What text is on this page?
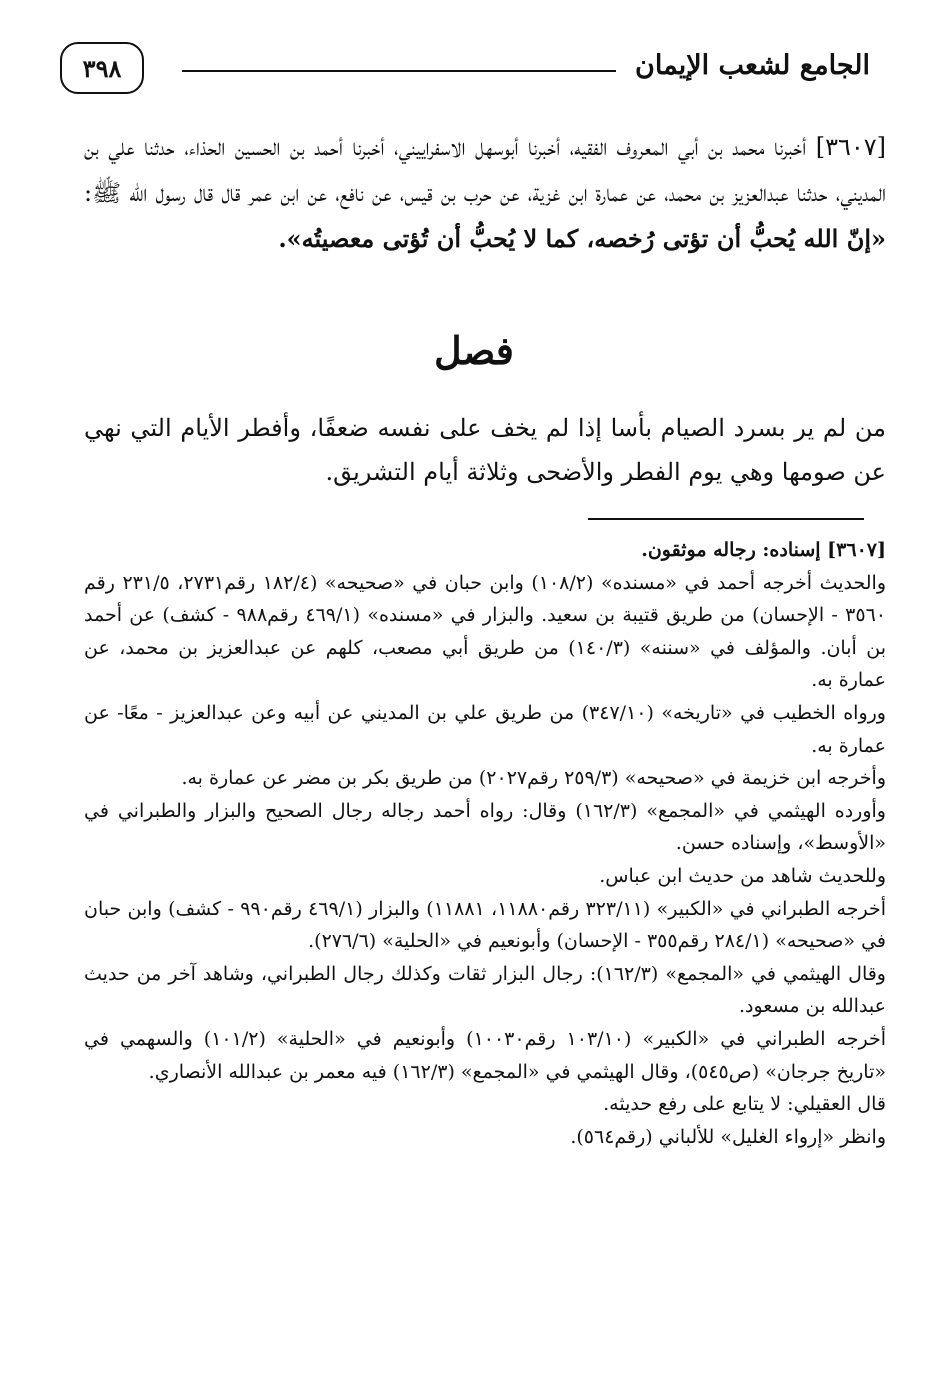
الجامع لشعب الإيمان
٣٩٨

[٣٦٠٧] أخبرنا محمد بن أبي المعروف الفقيه، أخبرنا أبوسهل الاسفراييني، أخبرنا أحمد بن الحسين الحذاء، حدثنا علي بن المديني، حدثنا عبدالعزيز بن محمد، عن عمارة ابن غزية، عن حرب بن قيس، عن نافع، عن ابن عمر قال قال رسول الله ﷺ: «إنّ الله يُحبُّ أن تؤتى رُخصه، كما لا يُحبُّ أن تُؤتى معصيتُه».

فصل
من لم ير بسرد الصيام بأسا إذا لم يخف على نفسه ضعفًا، وأفطر الأيام التي نهي عن صومها وهي يوم الفطر والأضحى وثلاثة أيام التشريق.

[٣٦٠٧] إسناده: رجاله موثقون.

والحديث أخرجه أحمد في «مسنده» (١٠٨/٢) وابن حبان في «صحيحه» (١٨٢/٤ رقم٢٧٣١، ٢٣١/٥ رقم ٣٥٦٠ - الإحسان) من طريق قتيبة بن سعيد. والبزار في «مسنده» (٤٦٩/١ رقم٩٨٨ - كشف) عن أحمد بن أبان. والمؤلف في «سننه» (١٤٠/٣) من طريق أبي مصعب، كلهم عن عبدالعزيز بن محمد، عن عمارة به.

ورواه الخطيب في «تاريخه» (٣٤٧/١٠) من طريق علي بن المديني عن أبيه وعن عبدالعزيز - معًا- عن عمارة به.

وأخرجه ابن خزيمة في «صحيحه» (٢٥٩/٣ رقم٢٠٢٧) من طريق بكر بن مضر عن عمارة به.

وأورده الهيثمي في «المجمع» (١٦٢/٣) وقال: رواه أحمد رجاله رجال الصحيح والبزار والطبراني في «الأوسط»، وإسناده حسن.

وللحديث شاهد من حديث ابن عباس.

أخرجه الطبراني في «الكبير» (٣٢٣/١١ رقم١١٨٨٠، ١١٨٨١) والبزار (٤٦٩/١ رقم٩٩٠ - كشف) وابن حبان في «صحيحه» (٢٨٤/١ رقم٣٥٥ - الإحسان) وأبونعيم في «الحلية» (٢٧٦/٦).

وقال الهيثمي في «المجمع» (١٦٢/٣): رجال البزار ثقات وكذلك رجال الطبراني، وشاهد آخر من حديث عبدالله بن مسعود.

أخرجه الطبراني في «الكبير» (١٠٣/١٠ رقم١٠٠٣٠) وأبونعيم في «الحلية» (١٠١/٢) والسهمي في «تاريخ جرجان» (ص٥٤٥)، وقال الهيثمي في «المجمع» (١٦٢/٣) فيه معمر بن عبدالله الأنصاري.

قال العقيلي: لا يتابع على رفع حديثه.

وانظر «إرواء الغليل» للألباني (رقم٥٦٤).
